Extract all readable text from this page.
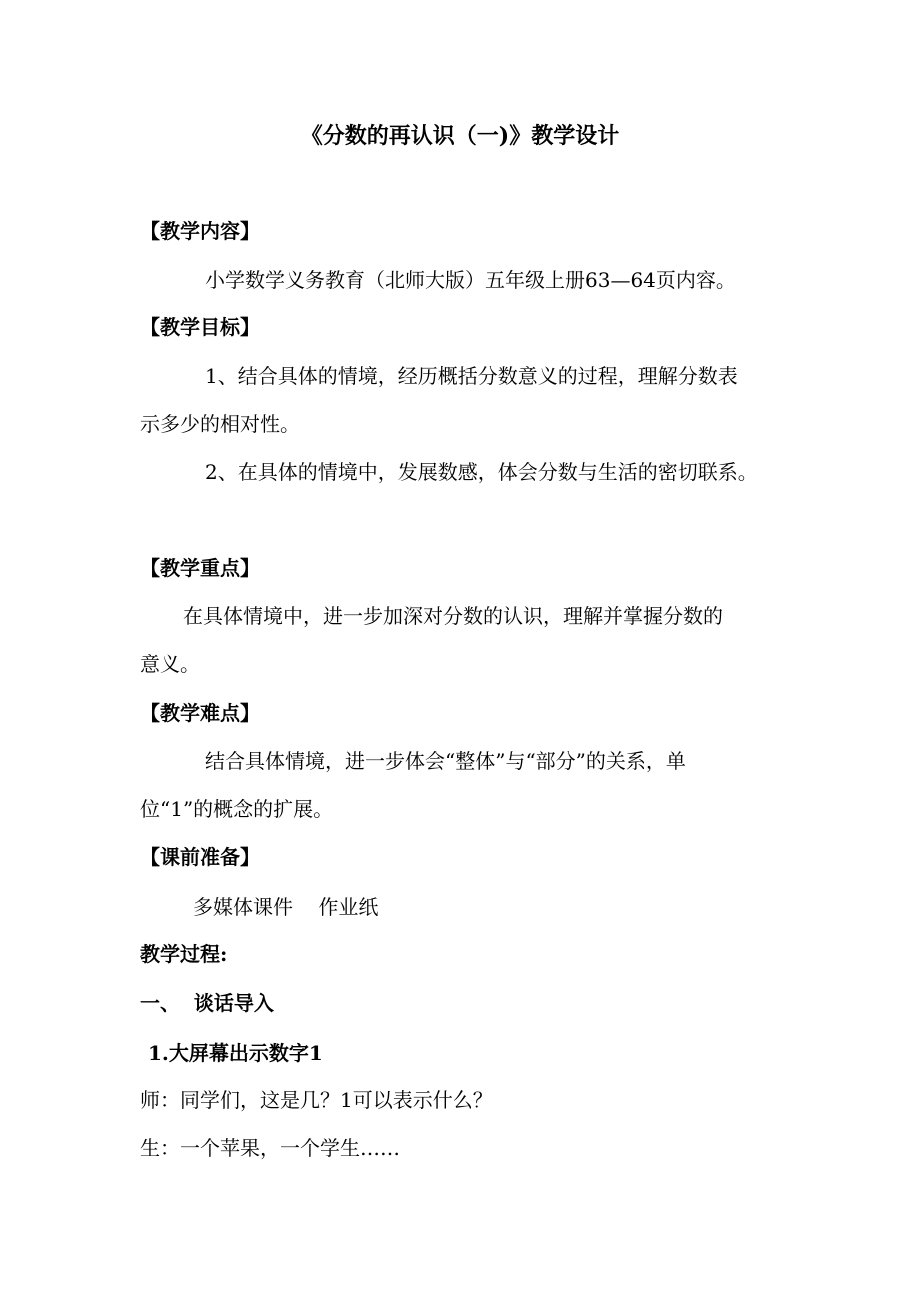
《分数的再认识（一)》教学设计
【教学内容】
小学数学义务教育（北师大版）五年级上册63—64页内容。
【教学目标】
1、结合具体的情境，经历概括分数意义的过程，理解分数表
示多少的相对性。
2、在具体的情境中，发展数感，体会分数与生活的密切联系。
【教学重点】
在具体情境中，进一步加深对分数的认识，理解并掌握分数的
意义。
【教学难点】
结合具体情境，进一步体会“整体”与“部分”的关系，单
位“1”的概念的扩展。
【课前准备】
多媒体课件    作业纸
教学过程:
一、  谈话导入
1.大屏幕出示数字1
师：同学们，这是几？1可以表示什么？
生：一个苹果，一个学生……
